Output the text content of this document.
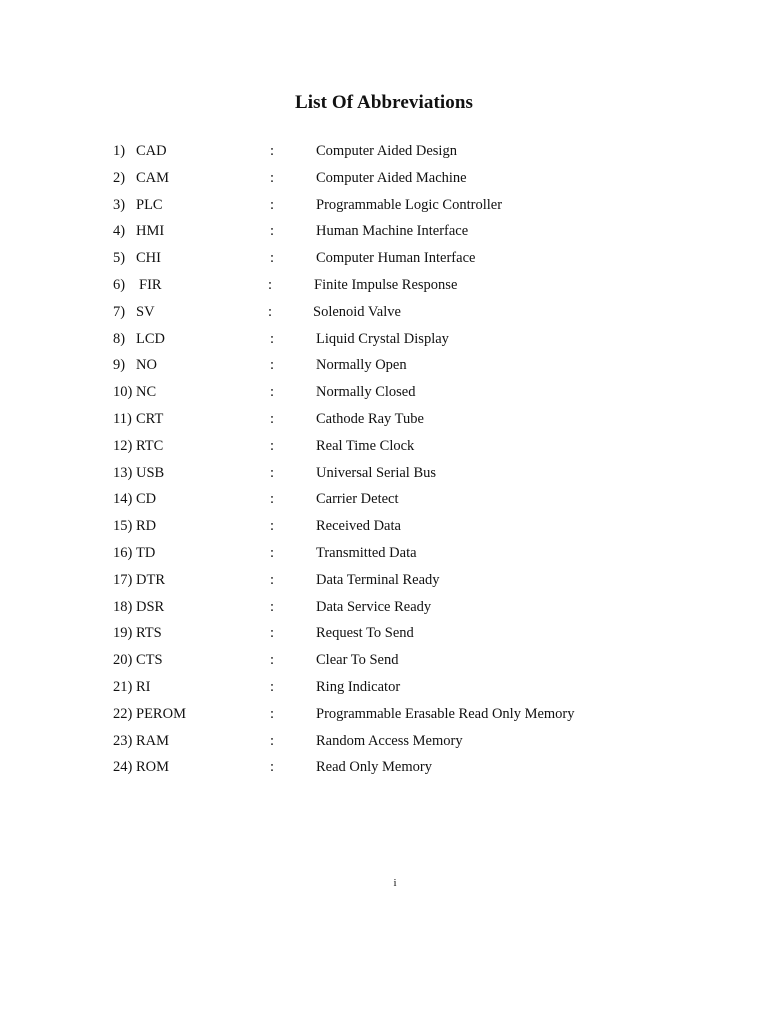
List Of Abbreviations
1) CAD	:	Computer Aided Design
2) CAM	:	Computer Aided Machine
3) PLC	:	Programmable Logic Controller
4) HMI	:	Human Machine Interface
5) CHI	:	Computer Human Interface
6) FIR	:	Finite Impulse Response
7) SV	:	Solenoid Valve
8) LCD	:	Liquid Crystal Display
9) NO	:	Normally Open
10) NC	:	Normally Closed
11) CRT	:	Cathode Ray Tube
12) RTC	:	Real Time Clock
13) USB	:	Universal Serial Bus
14) CD	:	Carrier Detect
15) RD	:	Received Data
16) TD	:	Transmitted Data
17) DTR	:	Data Terminal Ready
18) DSR	:	Data Service Ready
19) RTS	:	Request To Send
20) CTS	:	Clear To Send
21) RI	:	Ring Indicator
22) PEROM	:	Programmable Erasable Read Only Memory
23) RAM	:	Random Access Memory
24) ROM	:	Read Only Memory
i
